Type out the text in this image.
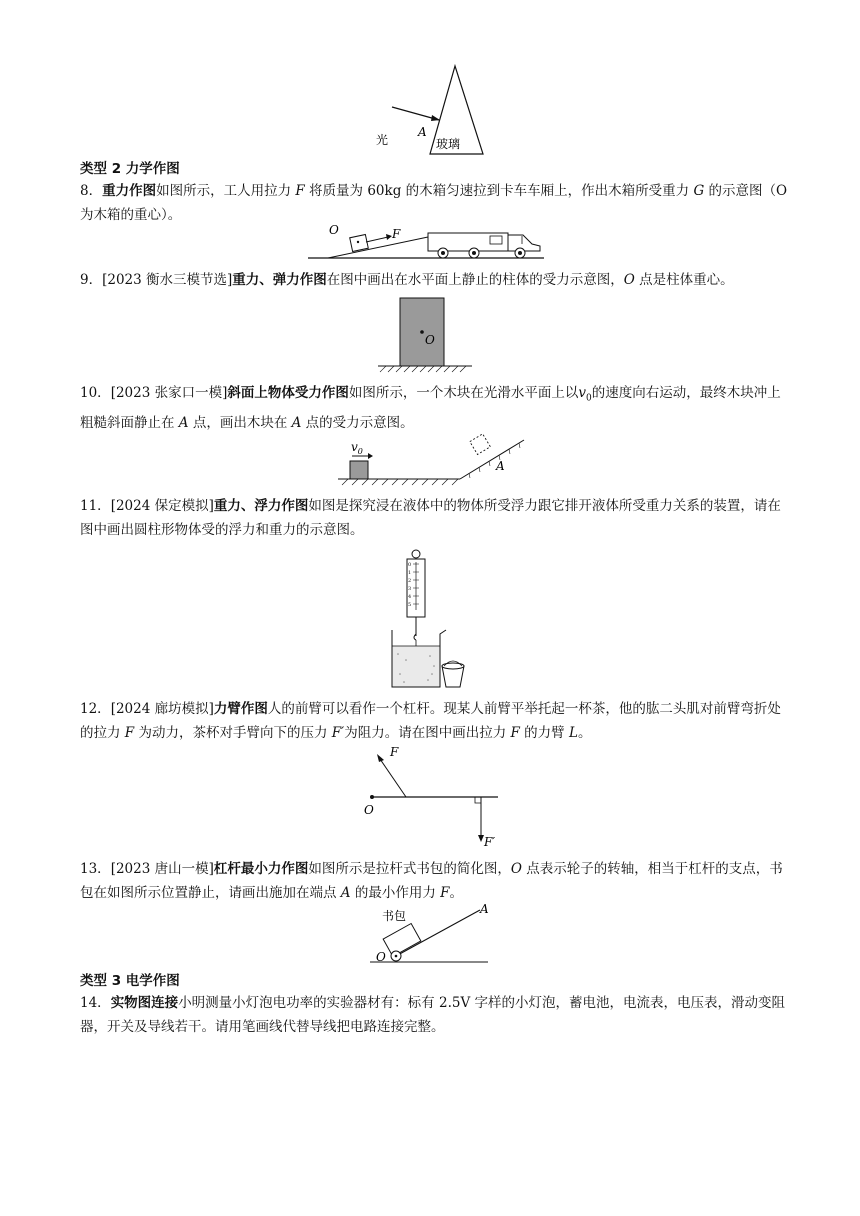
光
A
玻璃
类型 2 力学作图
8．重力作图如图所示，工人用拉力 F 将质量为 60kg 的木箱匀速拉到卡车车厢上，作出木箱所受重力 G 的示意图（O 为木箱的重心）。
O	F
9．[2023 衡水三模节选]重力、弹力作图在图中画出在水平面上静止的柱体的受力示意图，O 点是柱体重心。
O
10．[2023 张家口一模]斜面上物体受力作图如图所示，一个木块在光滑水平面上以$v_0$的速度向右运动，最终木块冲上粗糙斜面静止在 A 点，画出木块在 A 点的受力示意图。
$v_0$
A
11．[2024 保定模拟]重力、浮力作图如图是探究浸在液体中的物体所受浮力跟它排开液体所受重力关系的装置，请在图中画出圆柱形物体受的浮力和重力的示意图。
0
1
2
3
4
5
12．[2024 廊坊模拟]力臂作图人的前臂可以看作一个杠杆。现某人前臂平举托起一杯茶，他的肱二头肌对前臂弯折处的拉力 F 为动力，茶杯对手臂向下的压力 F′为阻力。请在图中画出拉力 F 的力臂 L。
O
F
F′
13．[2023 唐山一模]杠杆最小力作图如图所示是拉杆式书包的简化图，O 点表示轮子的转轴，相当于杠杆的支点，书包在如图所示位置静止，请画出施加在端点 A 的最小作用力 F。
书包	A
O
类型 3 电学作图
14．实物图连接小明测量小灯泡电功率的实验器材有：标有 2.5V 字样的小灯泡，蓄电池，电流表，电压表，滑动变阻器，开关及导线若干。请用笔画线代替导线把电路连接完整。
